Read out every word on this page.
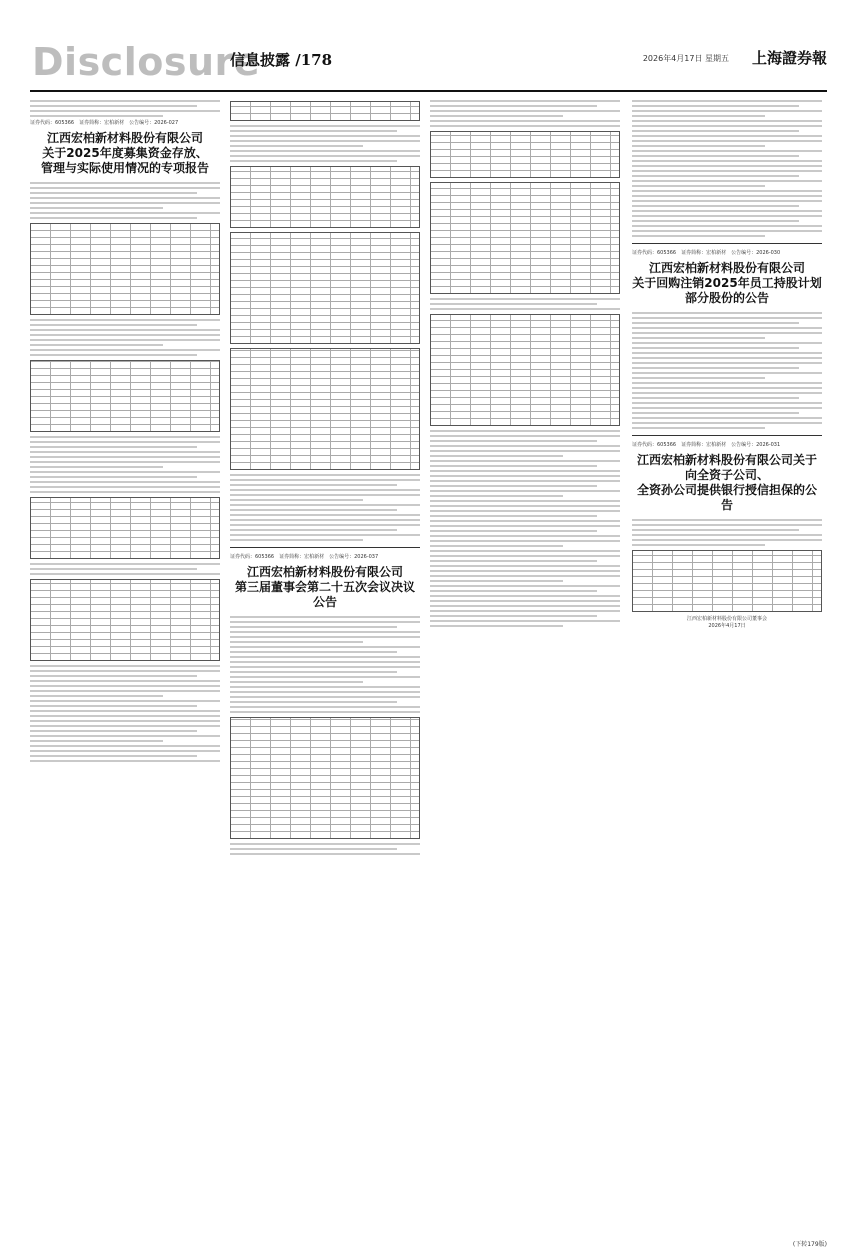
Disclosure
信息披露 /178	2026年4月17日 星期五 上海證券報
证券代码：605366　证券简称：宏柏新材　公告编号：2026-027
江西宏柏新材料股份有限公司
关于2025年度募集资金存放、
管理与实际使用情况的专项报告
证券代码：605366　证券简称：宏柏新材　公告编号：2026-037
江西宏柏新材料股份有限公司
第三届董事会第二十五次会议决议公告
证券代码：605366　证券简称：宏柏新材　公告编号：2026-030
江西宏柏新材料股份有限公司
关于回购注销2025年员工持股计划部分股份的公告
证券代码：605366　证券简称：宏柏新材　公告编号：2026-031
江西宏柏新材料股份有限公司关于向全资子公司、
全资孙公司提供银行授信担保的公告
江西宏柏新材料股份有限公司董事会
2026年4月17日
(下转179版)
